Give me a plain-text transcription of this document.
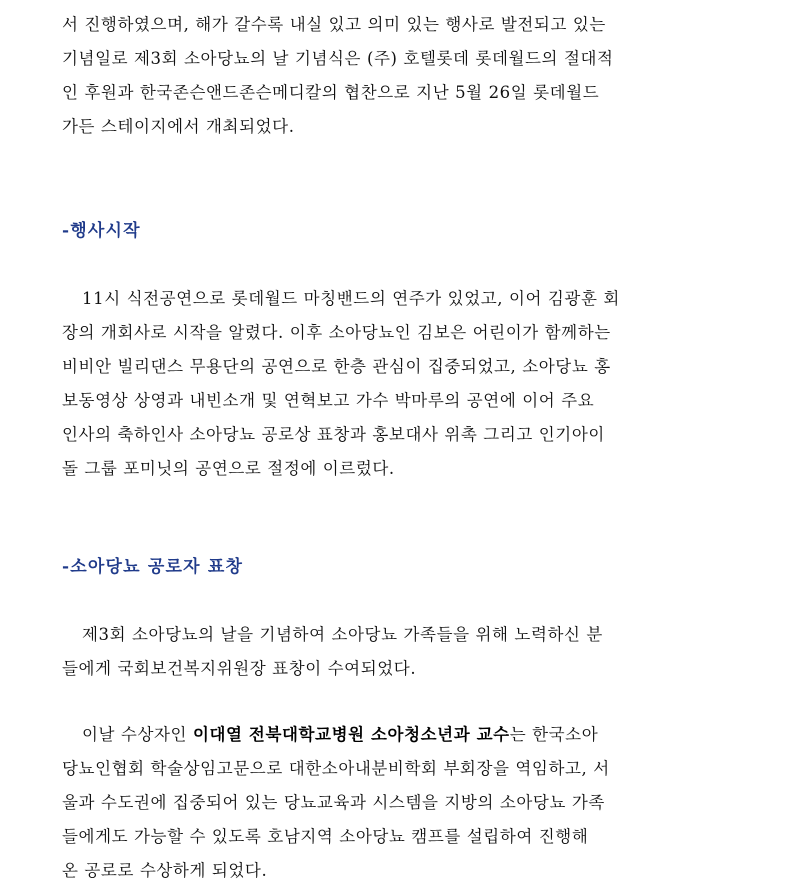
서 진행하였으며, 해가 갈수록 내실 있고 의미 있는 행사로 발전되고 있는
기념일로 제3회 소아당뇨의 날 기념식은 (주) 호텔롯데 롯데월드의 절대적
인 후원과 한국존슨앤드존슨메디칼의 협찬으로 지난 5월 26일 롯데월드
가든 스테이지에서 개최되었다.

-행사시작

11시 식전공연으로 롯데월드 마칭밴드의 연주가 있었고, 이어 김광훈 회
장의 개회사로 시작을 알렸다. 이후 소아당뇨인 김보은 어린이가 함께하는
비비안 빌리댄스 무용단의 공연으로 한층 관심이 집중되었고, 소아당뇨 홍
보동영상 상영과 내빈소개 및 연혁보고 가수 박마루의 공연에 이어 주요
인사의 축하인사 소아당뇨 공로상 표창과 홍보대사 위촉 그리고 인기아이
돌 그룹 포미닛의 공연으로 절정에 이르렀다.

-소아당뇨 공로자 표창

제3회 소아당뇨의 날을 기념하여 소아당뇨 가족들을 위해 노력하신 분
들에게 국회보건복지위원장 표창이 수여되었다.

이날 수상자인 이대열 전북대학교병원 소아청소년과 교수는 한국소아
당뇨인협회 학술상임고문으로 대한소아내분비학회 부회장을 역임하고, 서
울과 수도권에 집중되어 있는 당뇨교육과 시스템을 지방의 소아당뇨 가족
들에게도 가능할 수 있도록 호남지역 소아당뇨 캠프를 설립하여 진행해
온 공로로 수상하게 되었다.
